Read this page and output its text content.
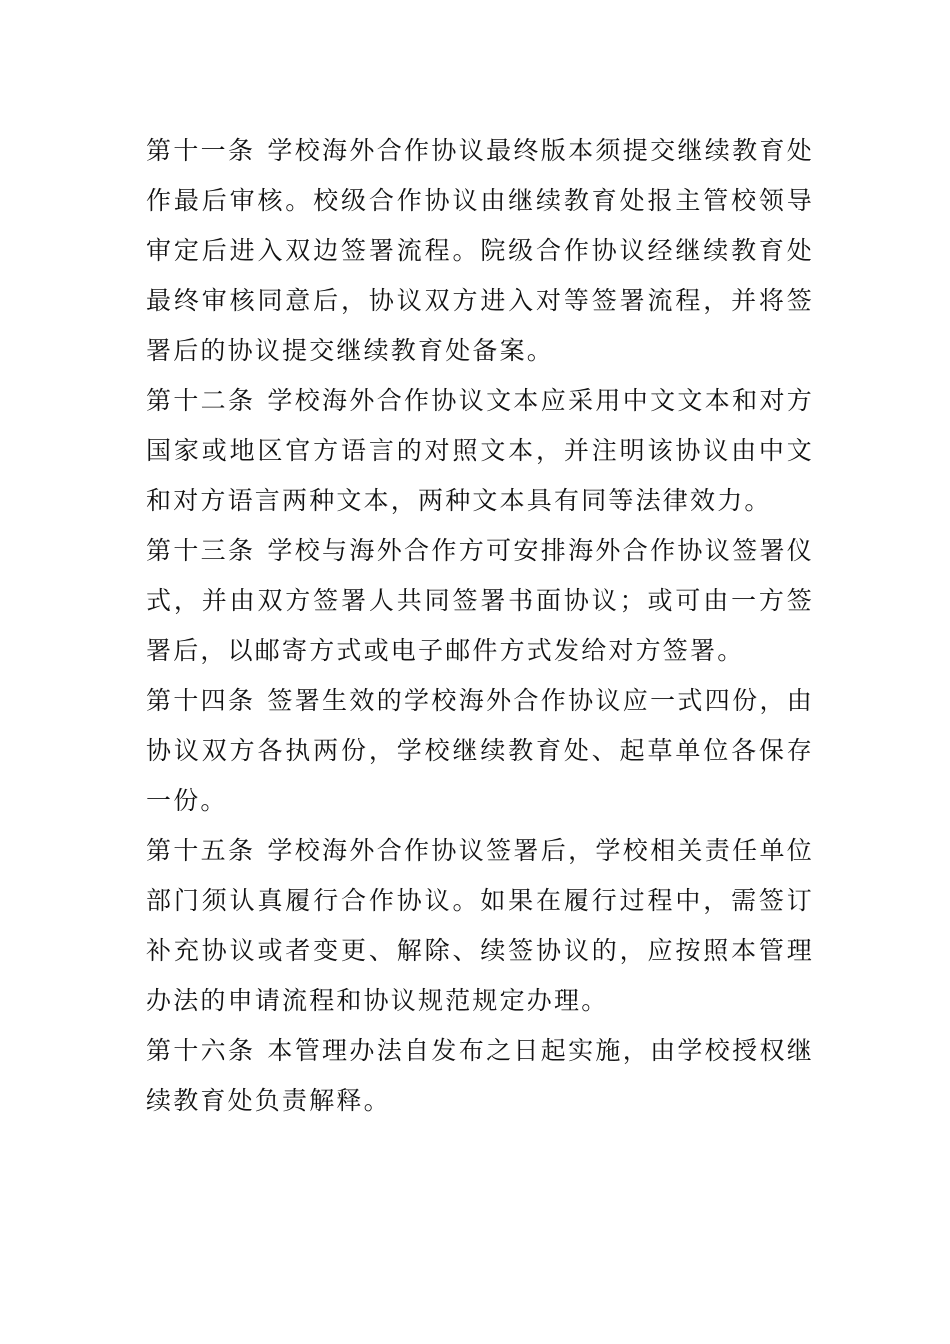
第十一条 学校海外合作协议最终版本须提交继续教育处作最后审核。校级合作协议由继续教育处报主管校领导审定后进入双边签署流程。院级合作协议经继续教育处最终审核同意后，协议双方进入对等签署流程，并将签署后的协议提交继续教育处备案。

第十二条 学校海外合作协议文本应采用中文文本和对方国家或地区官方语言的对照文本，并注明该协议由中文和对方语言两种文本，两种文本具有同等法律效力。

第十三条 学校与海外合作方可安排海外合作协议签署仪式，并由双方签署人共同签署书面协议；或可由一方签署后，以邮寄方式或电子邮件方式发给对方签署。

第十四条 签署生效的学校海外合作协议应一式四份，由协议双方各执两份，学校继续教育处、起草单位各保存一份。

第十五条 学校海外合作协议签署后，学校相关责任单位部门须认真履行合作协议。如果在履行过程中，需签订补充协议或者变更、解除、续签协议的，应按照本管理办法的申请流程和协议规范规定办理。

第十六条 本管理办法自发布之日起实施，由学校授权继续教育处负责解释。
